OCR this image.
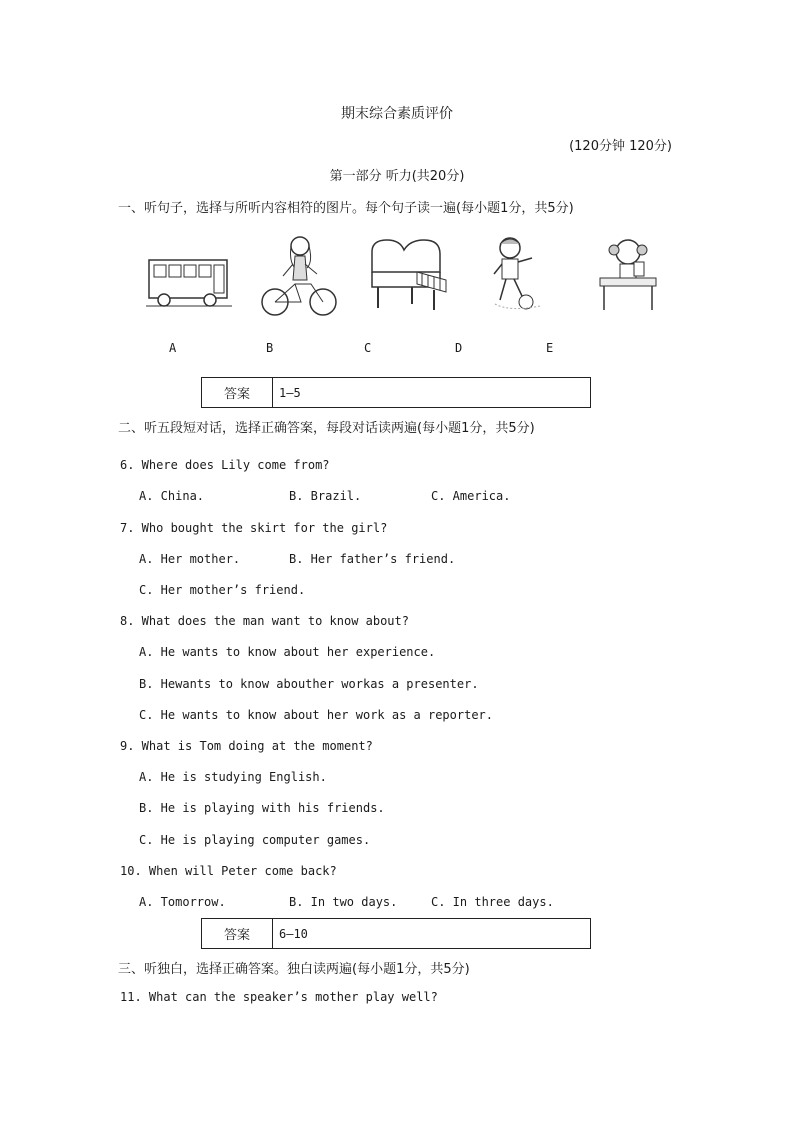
期末综合素质评价
(120分钟 120分)
第一部分 听力(共20分)
一、听句子，选择与所听内容相符的图片。每个句子读一遍(每小题1分，共5分)
A	B	C	D	E
答案	1—5
二、听五段短对话，选择正确答案，每段对话读两遍(每小题1分，共5分)
6. Where does Lily come from?
A. China.	B. Brazil.	C. America.
7. Who bought the skirt for the girl?
A. Her mother.	B. Her father’s friend.
C. Her mother’s friend.
8. What does the man want to know about?
A. He wants to know about her experience.
B. Hewants to know abouther workas a presenter.
C. He wants to know about her work as a reporter.
9. What is Tom doing at the moment?
A. He is studying English.
B. He is playing with his friends.
C. He is playing computer games.
10. When will Peter come back?
A. Tomorrow.	B. In two days.	C. In three days.
答案	6—10
三、听独白，选择正确答案。独白读两遍(每小题1分，共5分)
11. What can the speaker’s mother play well?
